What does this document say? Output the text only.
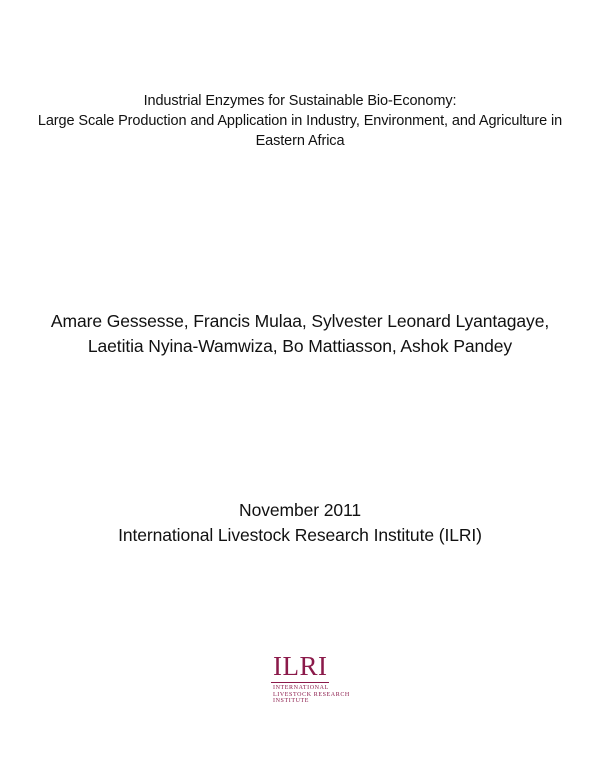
Industrial Enzymes for Sustainable Bio-Economy:
Large Scale Production and Application in Industry, Environment, and Agriculture in
Eastern Africa
Amare Gessesse, Francis Mulaa, Sylvester Leonard Lyantagaye,
Laetitia Nyina-Wamwiza, Bo Mattiasson, Ashok Pandey
November 2011
International Livestock Research Institute (ILRI)
ILRI
INTERNATIONAL
LIVESTOCK RESEARCH
INSTITUTE
